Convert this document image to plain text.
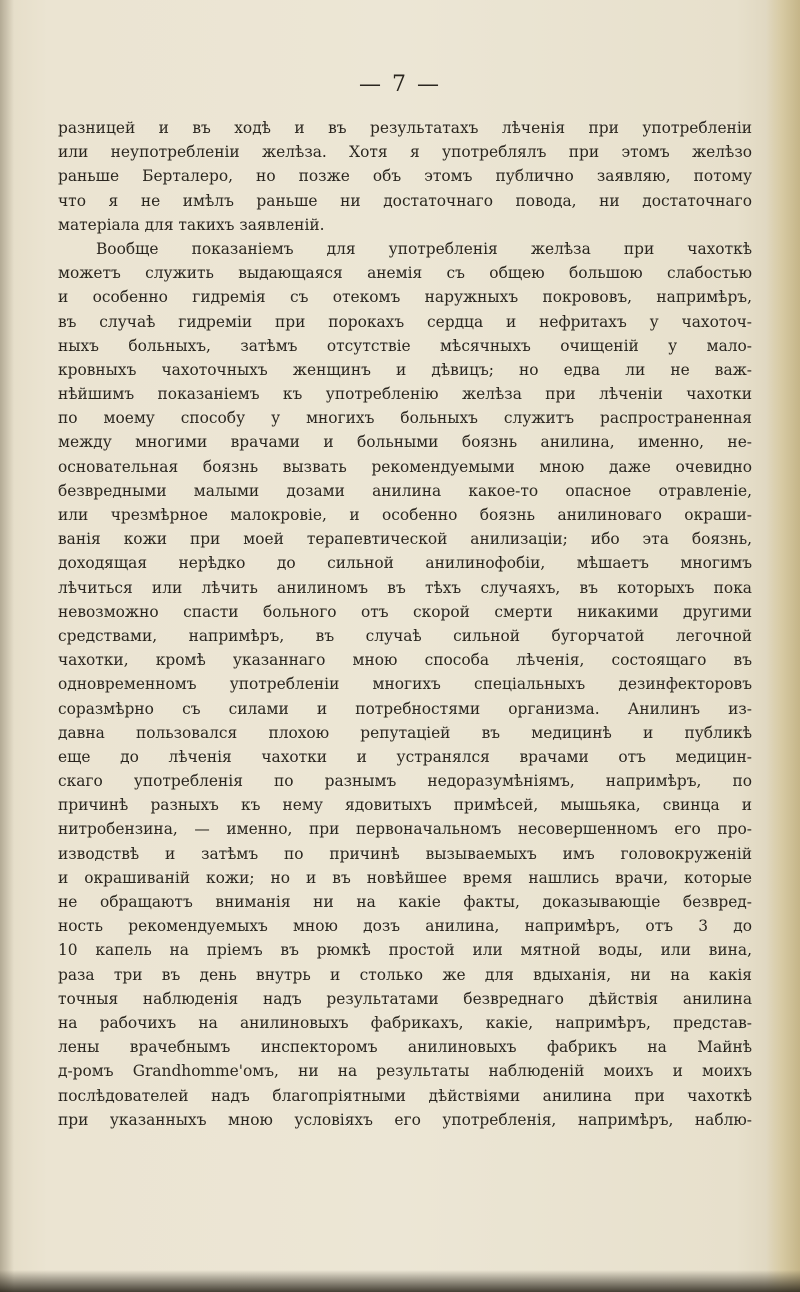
— 7 —
разницей и въ ходѣ и въ результатахъ лѣченія при употребленіи
или неупотребленіи желѣза. Хотя я употреблялъ при этомъ желѣзо
раньше Берталеро, но позже объ этомъ публично заявляю, потому
что я не имѣлъ раньше ни достаточнаго повода, ни достаточнаго
матеріала для такихъ заявленій.
Вообще показаніемъ для употребленія желѣза при чахоткѣ
можетъ служить выдающаяся анемія съ общею большою слабостью
и особенно гидремія съ отекомъ наружныхъ покрововъ, напримѣръ,
въ случаѣ гидреміи при порокахъ сердца и нефритахъ у чахоточ-
ныхъ больныхъ, затѣмъ отсутствіе мѣсячныхъ очищеній у мало-
кровныхъ чахоточныхъ женщинъ и дѣвицъ; но едва ли не важ-
нѣйшимъ показаніемъ къ употребленію желѣза при лѣченіи чахотки
по моему способу у многихъ больныхъ служитъ распространенная
между многими врачами и больными боязнь анилина, именно, не-
основательная боязнь вызвать рекомендуемыми мною даже очевидно
безвредными малыми дозами анилина какое-то опасное отравленіе,
или чрезмѣрное малокровіе, и особенно боязнь анилиноваго окраши-
ванія кожи при моей терапевтической анилизаціи; ибо эта боязнь,
доходящая нерѣдко до сильной анилинофобіи, мѣшаетъ многимъ
лѣчиться или лѣчить анилиномъ въ тѣхъ случаяхъ, въ которыхъ пока
невозможно спасти больного отъ скорой смерти никакими другими
средствами, напримѣръ, въ случаѣ сильной бугорчатой легочной
чахотки, кромѣ указаннаго мною способа лѣченія, состоящаго въ
одновременномъ употребленіи многихъ спеціальныхъ дезинфекторовъ
соразмѣрно съ силами и потребностями организма. Анилинъ из-
давна пользовался плохою репутаціей въ медицинѣ и публикѣ
еще до лѣченія чахотки и устранялся врачами отъ медицин-
скаго употребленія по разнымъ недоразумѣніямъ, напримѣръ, по
причинѣ разныхъ къ нему ядовитыхъ примѣсей, мышьяка, свинца и
нитробензина, — именно, при первоначальномъ несовершенномъ его про-
изводствѣ и затѣмъ по причинѣ вызываемыхъ имъ головокруженій
и окрашиваній кожи; но и въ новѣйшее время нашлись врачи, которые
не обращаютъ вниманія ни на какіе факты, доказывающіе безвред-
ность рекомендуемыхъ мною дозъ анилина, напримѣръ, отъ 3 до
10 капель на пріемъ въ рюмкѣ простой или мятной воды, или вина,
раза три въ день внутрь и столько же для вдыханія, ни на какія
точныя наблюденія надъ результатами безвреднаго дѣйствія анилина
на рабочихъ на анилиновыхъ фабрикахъ, какіе, напримѣръ, представ-
лены врачебнымъ инспекторомъ анилиновыхъ фабрикъ на Майнѣ
д-ромъ Grandhomme'омъ, ни на результаты наблюденій моихъ и моихъ
послѣдователей надъ благопріятными дѣйствіями анилина при чахоткѣ
при указанныхъ мною условіяхъ его употребленія, напримѣръ, наблю-
